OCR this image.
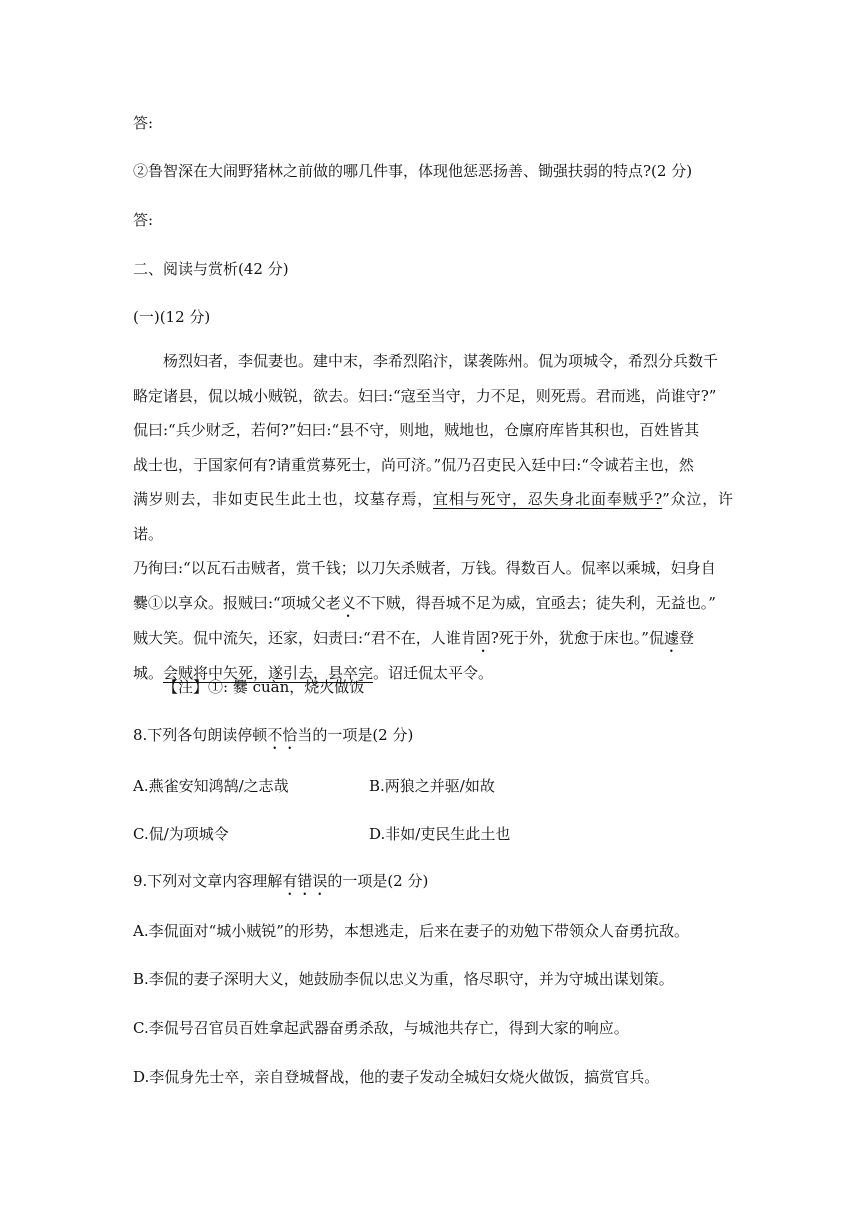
答:
②鲁智深在大闹野猪林之前做的哪几件事，体现他惩恶扬善、锄强扶弱的特点?(2 分)
答:
二、阅读与赏析(42 分)
(一)(12 分)

杨烈妇者，李侃妻也。建中末，李希烈陷汴，谋袭陈州。侃为项城令，希烈分兵数千

略定诸县，侃以城小贼锐，欲去。妇曰:“寇至当守，力不足，则死焉。君而逃，尚谁守?”

侃曰:“兵少财乏，若何?”妇曰:“县不守，则地，贼地也，仓廪府库皆其积也，百姓皆其

战士也，于国家何有?请重赏募死士，尚可济。”侃乃召吏民入廷中曰:“令诚若主也，然

满岁则去，非如吏民生此土也，坟墓存焉，宜相与死守，忍失身北面奉贼乎?”众泣，许诺。

乃徇曰:“以瓦石击贼者，赏千钱；以刀矢杀贼者，万钱。得数百人。侃率以乘城，妇身自

爨①以享众。报贼曰:“项城父老义不下贼，得吾城不足为威，宜亟去；徒失利，无益也。”

贼大笑。侃中流矢，还家，妇责曰:“君不在，人谁肯固?死于外，犹愈于床也。”侃遽登

城。会贼将中矢死，遂引去，县卒完。诏迁侃太平令。

【注】①: 爨 cuàn，烧火做饭
8.下列各句朗读停顿不恰当的一项是(2 分)
A.燕雀安知鸿鹄/之志哉	B.两狼之并驱/如故
C.侃/为项城令	D.非如/吏民生此土也
9.下列对文章内容理解有错误的一项是(2 分)
A.李侃面对“城小贼锐”的形势，本想逃走，后来在妻子的劝勉下带领众人奋勇抗敌。
B.李侃的妻子深明大义，她鼓励李侃以忠义为重，恪尽职守，并为守城出谋划策。
C.李侃号召官员百姓拿起武器奋勇杀敌，与城池共存亡，得到大家的响应。
D.李侃身先士卒，亲自登城督战，他的妻子发动全城妇女烧火做饭，搞赏官兵。
